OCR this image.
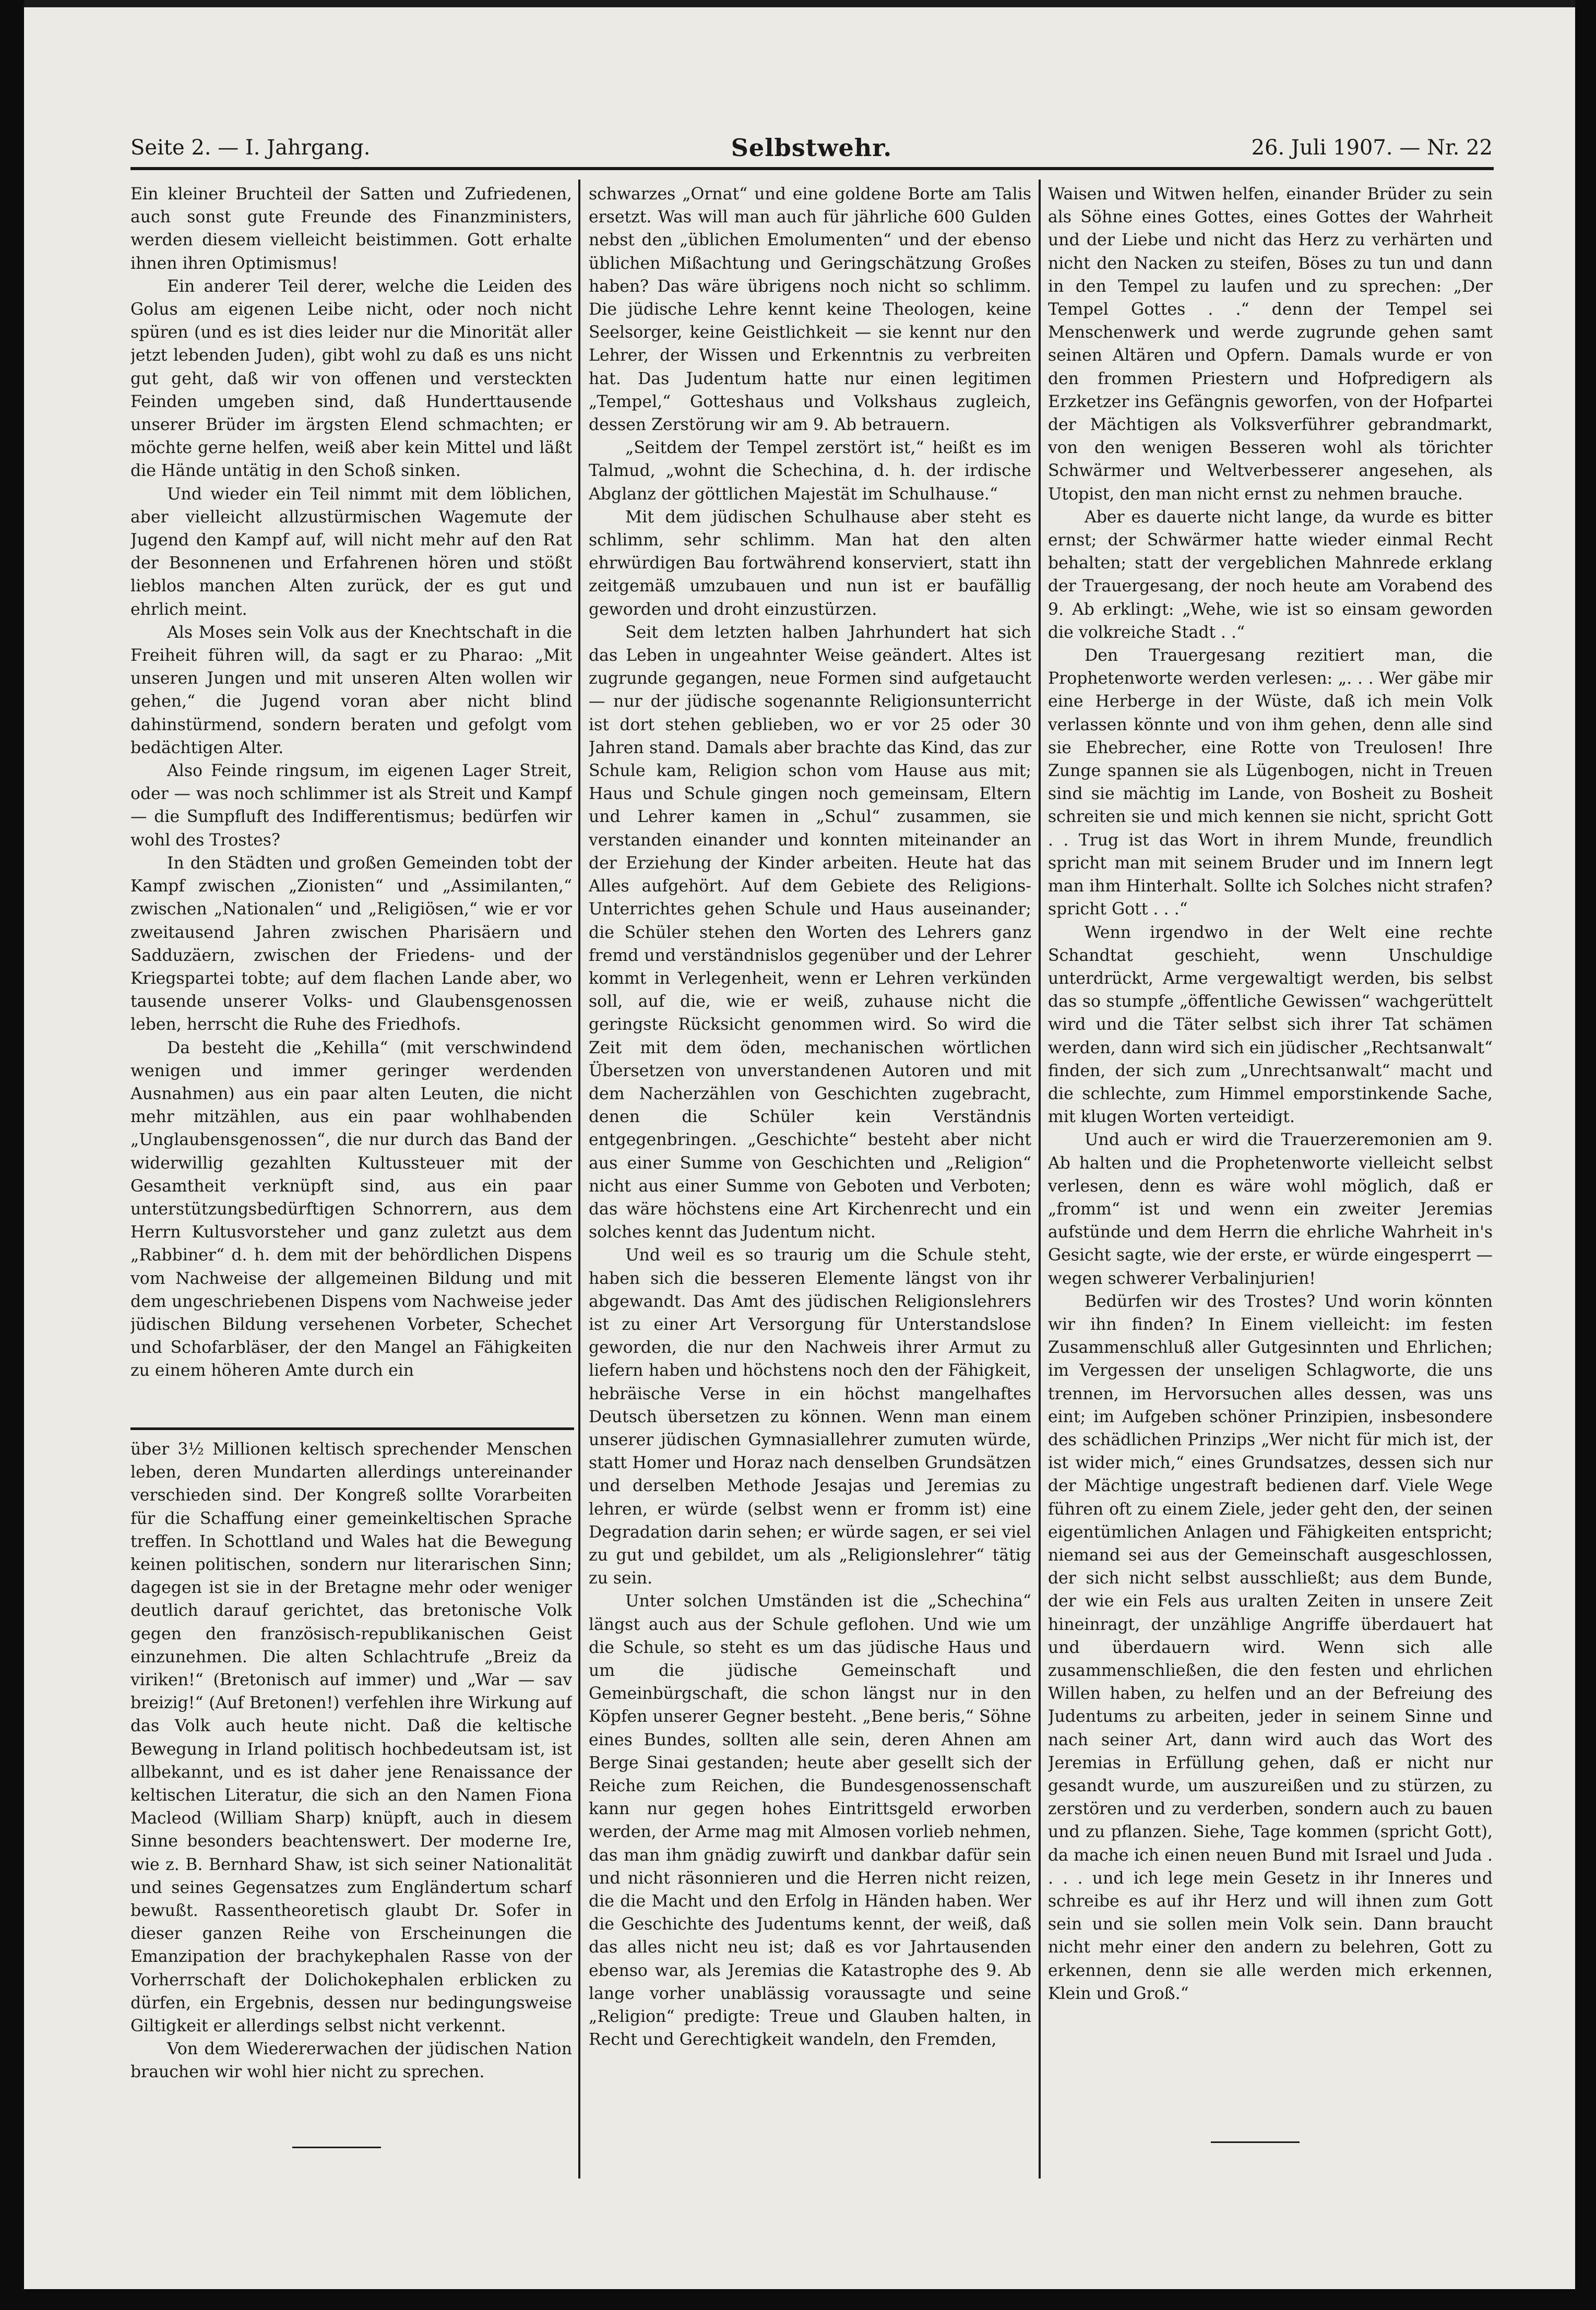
Seite 2. — I. Jahrgang.	Selbstwehr.	26. Juli 1907. — Nr. 22

Ein kleiner Bruchteil der Satten und Zufriedenen, auch sonst gute Freunde des Finanzministers, werden diesem vielleicht beistimmen. Gott erhalte ihnen ihren Optimismus!

Ein anderer Teil derer, welche die Leiden des Golus am eigenen Leibe nicht, oder noch nicht spüren (und es ist dies leider nur die Minorität aller jetzt lebenden Juden), gibt wohl zu daß es uns nicht gut geht, daß wir von offenen und versteckten Feinden umgeben sind, daß Hunderttausende unserer Brüder im ärgsten Elend schmachten; er möchte gerne helfen, weiß aber kein Mittel und läßt die Hände untätig in den Schoß sinken.

Und wieder ein Teil nimmt mit dem löblichen, aber vielleicht allzustürmischen Wagemute der Jugend den Kampf auf, will nicht mehr auf den Rat der Besonnenen und Erfahrenen hören und stößt lieblos manchen Alten zurück, der es gut und ehrlich meint.

Als Moses sein Volk aus der Knechtschaft in die Freiheit führen will, da sagt er zu Pharao: „Mit unseren Jungen und mit unseren Alten wollen wir gehen,“ die Jugend voran aber nicht blind dahinstürmend, sondern beraten und gefolgt vom bedächtigen Alter.

Also Feinde ringsum, im eigenen Lager Streit, oder — was noch schlimmer ist als Streit und Kampf — die Sumpfluft des Indifferentismus; bedürfen wir wohl des Trostes?

In den Städten und großen Gemeinden tobt der Kampf zwischen „Zionisten“ und „Assimilanten,“ zwischen „Nationalen“ und „Religiösen,“ wie er vor zweitausend Jahren zwischen Pharisäern und Sadduzäern, zwischen der Friedens- und der Kriegspartei tobte; auf dem flachen Lande aber, wo tausende unserer Volks- und Glaubensgenossen leben, herrscht die Ruhe des Friedhofs.

Da besteht die „Kehilla“ (mit verschwindend wenigen und immer geringer werdenden Ausnahmen) aus ein paar alten Leuten, die nicht mehr mitzählen, aus ein paar wohlhabenden „Unglaubensgenossen“, die nur durch das Band der widerwillig gezahlten Kultussteuer mit der Gesamtheit verknüpft sind, aus ein paar unterstützungsbedürftigen Schnorrern, aus dem Herrn Kultusvorsteher und ganz zuletzt aus dem „Rabbiner“ d. h. dem mit der behördlichen Dispens vom Nachweise der allgemeinen Bildung und mit dem ungeschriebenen Dispens vom Nachweise jeder jüdischen Bildung versehenen Vorbeter, Schechet und Schofarbläser, der den Mangel an Fähigkeiten zu einem höheren Amte durch ein

über 3½ Millionen keltisch sprechender Menschen leben, deren Mundarten allerdings untereinander verschieden sind. Der Kongreß sollte Vorarbeiten für die Schaffung einer gemeinkeltischen Sprache treffen. In Schottland und Wales hat die Bewegung keinen politischen, sondern nur literarischen Sinn; dagegen ist sie in der Bretagne mehr oder weniger deutlich darauf gerichtet, das bretonische Volk gegen den französisch-republikanischen Geist einzunehmen. Die alten Schlachtrufe „Breiz da viriken!“ (Bretonisch auf immer) und „War — sav breizig!“ (Auf Bretonen!) verfehlen ihre Wirkung auf das Volk auch heute nicht. Daß die keltische Bewegung in Irland politisch hochbedeutsam ist, ist allbekannt, und es ist daher jene Renaissance der keltischen Literatur, die sich an den Namen Fiona Macleod (William Sharp) knüpft, auch in diesem Sinne besonders beachtenswert. Der moderne Ire, wie z. B. Bernhard Shaw, ist sich seiner Nationalität und seines Gegensatzes zum Engländertum scharf bewußt. Rassentheoretisch glaubt Dr. Sofer in dieser ganzen Reihe von Erscheinungen die Emanzipation der brachykephalen Rasse von der Vorherrschaft der Dolichokephalen erblicken zu dürfen, ein Ergebnis, dessen nur bedingungsweise Giltigkeit er allerdings selbst nicht verkennt.

Von dem Wiedererwachen der jüdischen Nation brauchen wir wohl hier nicht zu sprechen.

schwarzes „Ornat“ und eine goldene Borte am Talis ersetzt. Was will man auch für jährliche 600 Gulden nebst den „üblichen Emolumenten“ und der ebenso üblichen Mißachtung und Geringschätzung Großes haben? Das wäre übrigens noch nicht so schlimm. Die jüdische Lehre kennt keine Theologen, keine Seelsorger, keine Geistlichkeit — sie kennt nur den Lehrer, der Wissen und Erkenntnis zu verbreiten hat. Das Judentum hatte nur einen legitimen „Tempel,“ Gotteshaus und Volkshaus zugleich, dessen Zerstörung wir am 9. Ab betrauern.

„Seitdem der Tempel zerstört ist,“ heißt es im Talmud, „wohnt die Schechina, d. h. der irdische Abglanz der göttlichen Majestät im Schulhause.“

Mit dem jüdischen Schulhause aber steht es schlimm, sehr schlimm. Man hat den alten ehrwürdigen Bau fortwährend konserviert, statt ihn zeitgemäß umzubauen und nun ist er baufällig geworden und droht einzustürzen.

Seit dem letzten halben Jahrhundert hat sich das Leben in ungeahnter Weise geändert. Altes ist zugrunde gegangen, neue Formen sind aufgetaucht — nur der jüdische sogenannte Religionsunterricht ist dort stehen geblieben, wo er vor 25 oder 30 Jahren stand. Damals aber brachte das Kind, das zur Schule kam, Religion schon vom Hause aus mit; Haus und Schule gingen noch gemeinsam, Eltern und Lehrer kamen in „Schul“ zusammen, sie verstanden einander und konnten miteinander an der Erziehung der Kinder arbeiten. Heute hat das Alles aufgehört. Auf dem Gebiete des Religions-Unterrichtes gehen Schule und Haus auseinander; die Schüler stehen den Worten des Lehrers ganz fremd und verständnislos gegenüber und der Lehrer kommt in Verlegenheit, wenn er Lehren verkünden soll, auf die, wie er weiß, zuhause nicht die geringste Rücksicht genommen wird. So wird die Zeit mit dem öden, mechanischen wörtlichen Übersetzen von unverstandenen Autoren und mit dem Nacherzählen von Geschichten zugebracht, denen die Schüler kein Verständnis entgegenbringen. „Geschichte“ besteht aber nicht aus einer Summe von Geschichten und „Religion“ nicht aus einer Summe von Geboten und Verboten; das wäre höchstens eine Art Kirchenrecht und ein solches kennt das Judentum nicht.

Und weil es so traurig um die Schule steht, haben sich die besseren Elemente längst von ihr abgewandt. Das Amt des jüdischen Religionslehrers ist zu einer Art Versorgung für Unterstandslose geworden, die nur den Nachweis ihrer Armut zu liefern haben und höchstens noch den der Fähigkeit, hebräische Verse in ein höchst mangelhaftes Deutsch übersetzen zu können. Wenn man einem unserer jüdischen Gymnasiallehrer zumuten würde, statt Homer und Horaz nach denselben Grundsätzen und derselben Methode Jesajas und Jeremias zu lehren, er würde (selbst wenn er fromm ist) eine Degradation darin sehen; er würde sagen, er sei viel zu gut und gebildet, um als „Religionslehrer“ tätig zu sein.

Unter solchen Umständen ist die „Schechina“ längst auch aus der Schule geflohen. Und wie um die Schule, so steht es um das jüdische Haus und um die jüdische Gemeinschaft und Gemeinbürgschaft, die schon längst nur in den Köpfen unserer Gegner besteht. „Bene beris,“ Söhne eines Bundes, sollten alle sein, deren Ahnen am Berge Sinai gestanden; heute aber gesellt sich der Reiche zum Reichen, die Bundesgenossenschaft kann nur gegen hohes Eintrittsgeld erworben werden, der Arme mag mit Almosen vorlieb nehmen, das man ihm gnädig zuwirft und dankbar dafür sein und nicht räsonnieren und die Herren nicht reizen, die die Macht und den Erfolg in Händen haben. Wer die Geschichte des Judentums kennt, der weiß, daß das alles nicht neu ist; daß es vor Jahrtausenden ebenso war, als Jeremias die Katastrophe des 9. Ab lange vorher unablässig voraussagte und seine „Religion“ predigte: Treue und Glauben halten, in Recht und Gerechtigkeit wandeln, den Fremden,

Waisen und Witwen helfen, einander Brüder zu sein als Söhne eines Gottes, eines Gottes der Wahrheit und der Liebe und nicht das Herz zu verhärten und nicht den Nacken zu steifen, Böses zu tun und dann in den Tempel zu laufen und zu sprechen: „Der Tempel Gottes . .“ denn der Tempel sei Menschenwerk und werde zugrunde gehen samt seinen Altären und Opfern. Damals wurde er von den frommen Priestern und Hofpredigern als Erzketzer ins Gefängnis geworfen, von der Hofpartei der Mächtigen als Volksverführer gebrandmarkt, von den wenigen Besseren wohl als törichter Schwärmer und Weltverbesserer angesehen, als Utopist, den man nicht ernst zu nehmen brauche.

Aber es dauerte nicht lange, da wurde es bitter ernst; der Schwärmer hatte wieder einmal Recht behalten; statt der vergeblichen Mahnrede erklang der Trauergesang, der noch heute am Vorabend des 9. Ab erklingt: „Wehe, wie ist so einsam geworden die volkreiche Stadt . .“

Den Trauergesang rezitiert man, die Prophetenworte werden verlesen: „. . . Wer gäbe mir eine Herberge in der Wüste, daß ich mein Volk verlassen könnte und von ihm gehen, denn alle sind sie Ehebrecher, eine Rotte von Treulosen! Ihre Zunge spannen sie als Lügenbogen, nicht in Treuen sind sie mächtig im Lande, von Bosheit zu Bosheit schreiten sie und mich kennen sie nicht, spricht Gott . . Trug ist das Wort in ihrem Munde, freundlich spricht man mit seinem Bruder und im Innern legt man ihm Hinterhalt. Sollte ich Solches nicht strafen? spricht Gott . . .“

Wenn irgendwo in der Welt eine rechte Schandtat geschieht, wenn Unschuldige unterdrückt, Arme vergewaltigt werden, bis selbst das so stumpfe „öffentliche Gewissen“ wachgerüttelt wird und die Täter selbst sich ihrer Tat schämen werden, dann wird sich ein jüdischer „Rechtsanwalt“ finden, der sich zum „Unrechtsanwalt“ macht und die schlechte, zum Himmel emporstinkende Sache, mit klugen Worten verteidigt.

Und auch er wird die Trauerzeremonien am 9. Ab halten und die Prophetenworte vielleicht selbst verlesen, denn es wäre wohl möglich, daß er „fromm“ ist und wenn ein zweiter Jeremias aufstünde und dem Herrn die ehrliche Wahrheit in's Gesicht sagte, wie der erste, er würde eingesperrt — wegen schwerer Verbalinjurien!

Bedürfen wir des Trostes? Und worin könnten wir ihn finden? In Einem vielleicht: im festen Zusammenschluß aller Gutgesinnten und Ehrlichen; im Vergessen der unseligen Schlagworte, die uns trennen, im Hervorsuchen alles dessen, was uns eint; im Aufgeben schöner Prinzipien, insbesondere des schädlichen Prinzips „Wer nicht für mich ist, der ist wider mich,“ eines Grundsatzes, dessen sich nur der Mächtige ungestraft bedienen darf. Viele Wege führen oft zu einem Ziele, jeder geht den, der seinen eigentümlichen Anlagen und Fähigkeiten entspricht; niemand sei aus der Gemeinschaft ausgeschlossen, der sich nicht selbst ausschließt; aus dem Bunde, der wie ein Fels aus uralten Zeiten in unsere Zeit hineinragt, der unzählige Angriffe überdauert hat und überdauern wird. Wenn sich alle zusammenschließen, die den festen und ehrlichen Willen haben, zu helfen und an der Befreiung des Judentums zu arbeiten, jeder in seinem Sinne und nach seiner Art, dann wird auch das Wort des Jeremias in Erfüllung gehen, daß er nicht nur gesandt wurde, um auszureißen und zu stürzen, zu zerstören und zu verderben, sondern auch zu bauen und zu pflanzen. Siehe, Tage kommen (spricht Gott), da mache ich einen neuen Bund mit Israel und Juda . . . . und ich lege mein Gesetz in ihr Inneres und schreibe es auf ihr Herz und will ihnen zum Gott sein und sie sollen mein Volk sein. Dann braucht nicht mehr einer den andern zu belehren, Gott zu erkennen, denn sie alle werden mich erkennen, Klein und Groß.“
